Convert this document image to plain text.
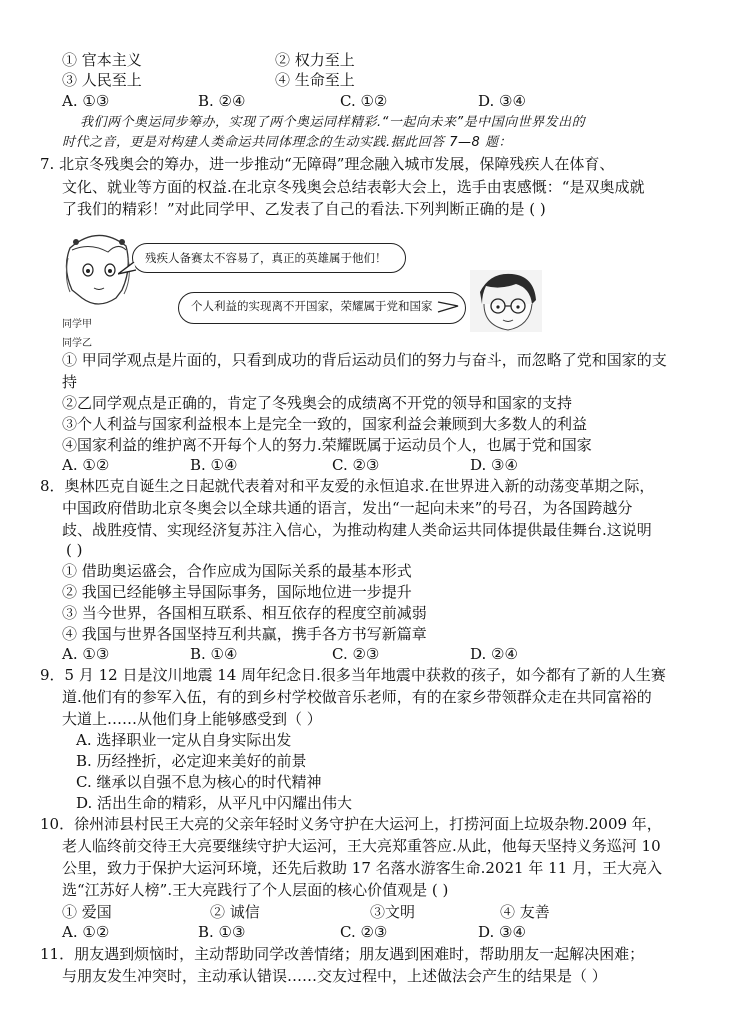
① 官本主义	② 权力至上
③ 人民至上	④ 生命至上
A. ①③	B. ②④	C. ①②	D. ③④
我们两个奥运同步筹办，实现了两个奥运同样精彩.“一起向未来”是中国向世界发出的
时代之音，更是对构建人类命运共同体理念的生动实践.据此回答 7—8 题：
7. 北京冬残奥会的筹办，进一步推动“无障碍”理念融入城市发展，保障残疾人在体育、
文化、就业等方面的权益.在北京冬残奥会总结表彰大会上，选手由衷感慨：“是双奥成就
了我们的精彩！”对此同学甲、乙发表了自己的看法.下列判断正确的是 ( )
同学甲
同学乙
残疾人备赛太不容易了，真正的英雄属于他们！
个人利益的实现离不开国家，荣耀属于党和国家
① 甲同学观点是片面的，只看到成功的背后运动员们的努力与奋斗，而忽略了党和国家的支
持
②乙同学观点是正确的，肯定了冬残奥会的成绩离不开党的领导和国家的支持
③个人利益与国家利益根本上是完全一致的，国家利益会兼顾到大多数人的利益
④国家利益的维护离不开每个人的努力.荣耀既属于运动员个人，也属于党和国家
A. ①②	B. ①④	C. ②③	D. ③④
8．奥林匹克自诞生之日起就代表着对和平友爱的永恒追求.在世界进入新的动荡变革期之际，
中国政府借助北京冬奥会以全球共通的语言，发出“一起向未来”的号召，为各国跨越分
歧、战胜疫情、实现经济复苏注入信心，为推动构建人类命运共同体提供最佳舞台.这说明
( )
① 借助奥运盛会，合作应成为国际关系的最基本形式
② 我国已经能够主导国际事务，国际地位进一步提升
③ 当今世界，各国相互联系、相互依存的程度空前减弱
④ 我国与世界各国坚持互利共赢，携手各方书写新篇章
A. ①③	B. ①④	C. ②③	D. ②④
9．5 月 12 日是汶川地震 14 周年纪念日.很多当年地震中获救的孩子，如今都有了新的人生赛
道.他们有的参军入伍，有的到乡村学校做音乐老师，有的在家乡带领群众走在共同富裕的
大道上……从他们身上能够感受到（ ）
A. 选择职业一定从自身实际出发
B. 历经挫折，必定迎来美好的前景
C. 继承以自强不息为核心的时代精神
D. 活出生命的精彩，从平凡中闪耀出伟大
10．徐州沛县村民王大亮的父亲年轻时义务守护在大运河上，打捞河面上垃圾杂物.2009 年，
老人临终前交待王大亮要继续守护大运河，王大亮郑重答应.从此，他每天坚持义务巡河 10
公里，致力于保护大运河环境，还先后救助 17 名落水游客生命.2021 年 11 月，王大亮入
选“江苏好人榜”.王大亮践行了个人层面的核心价值观是 ( )
① 爱国	② 诚信	③文明	④ 友善
A. ①②	B. ①③	C. ②③	D. ③④
11．朋友遇到烦恼时，主动帮助同学改善情绪；朋友遇到困难时，帮助朋友一起解决困难；
与朋友发生冲突时，主动承认错误……交友过程中，上述做法会产生的结果是（ ）
